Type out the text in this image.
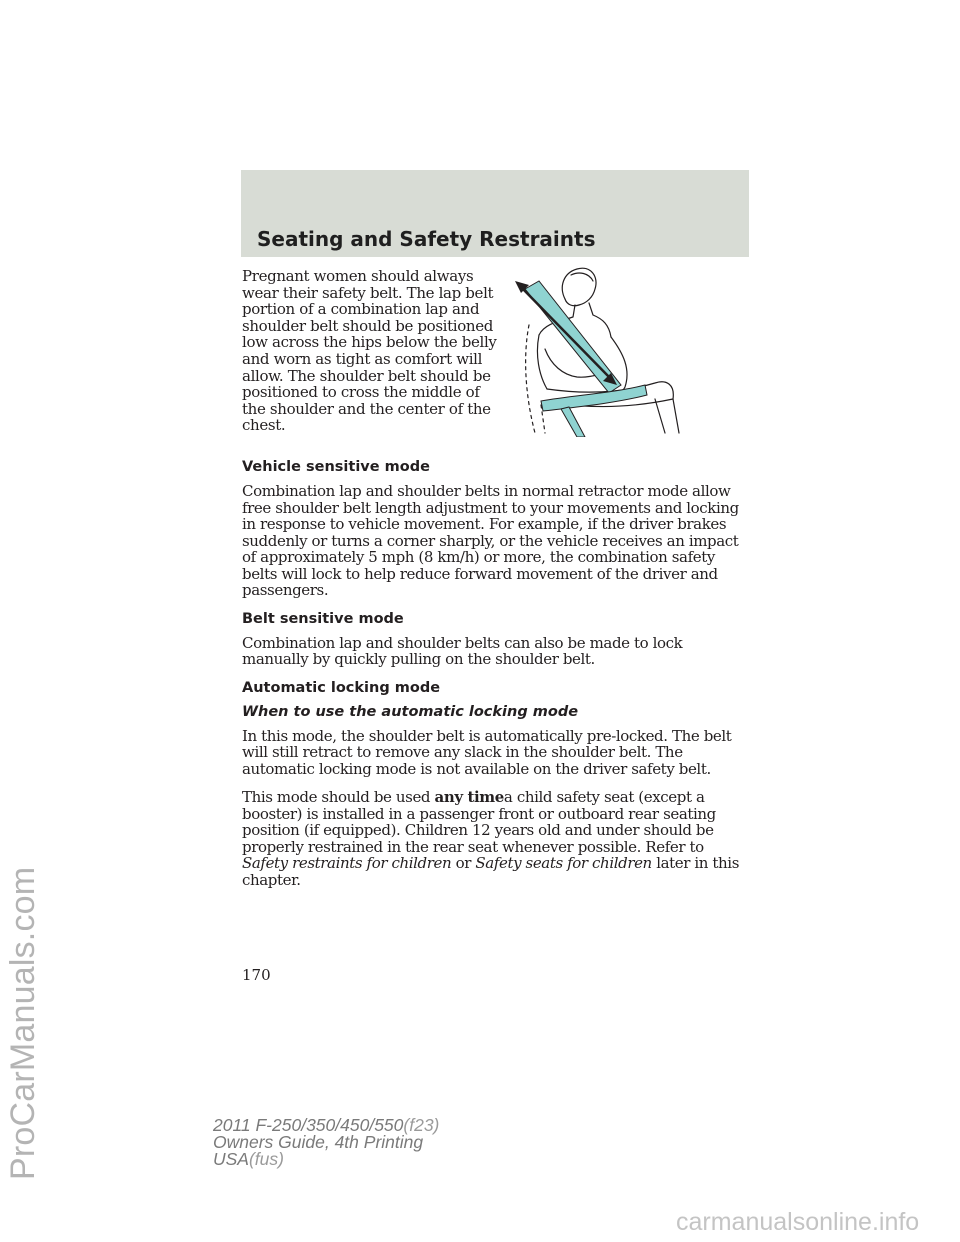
ProCarManuals.com
Seating and Safety Restraints
Pregnant women should always wear their safety belt. The lap belt portion of a combination lap and shoulder belt should be positioned low across the hips below the belly and worn as tight as comfort will allow. The shoulder belt should be positioned to cross the middle of the shoulder and the center of the chest.
Vehicle sensitive mode

Combination lap and shoulder belts in normal retractor mode allow free shoulder belt length adjustment to your movements and locking in response to vehicle movement. For example, if the driver brakes suddenly or turns a corner sharply, or the vehicle receives an impact of approximately 5 mph (8 km/h) or more, the combination safety belts will lock to help reduce forward movement of the driver and passengers.

Belt sensitive mode

Combination lap and shoulder belts can also be made to lock manually by quickly pulling on the shoulder belt.

Automatic locking mode
When to use the automatic locking mode

In this mode, the shoulder belt is automatically pre-locked. The belt will still retract to remove any slack in the shoulder belt. The automatic locking mode is not available on the driver safety belt.

This mode should be used any timea child safety seat (except a booster) is installed in a passenger front or outboard rear seating position (if equipped). Children 12 years old and under should be properly restrained in the rear seat whenever possible. Refer to Safety restraints for children or Safety seats for children later in this chapter.

170
2011 F-250/350/450/550(f23)
Owners Guide, 4th Printing
USA(fus)
carmanualsonline.info
